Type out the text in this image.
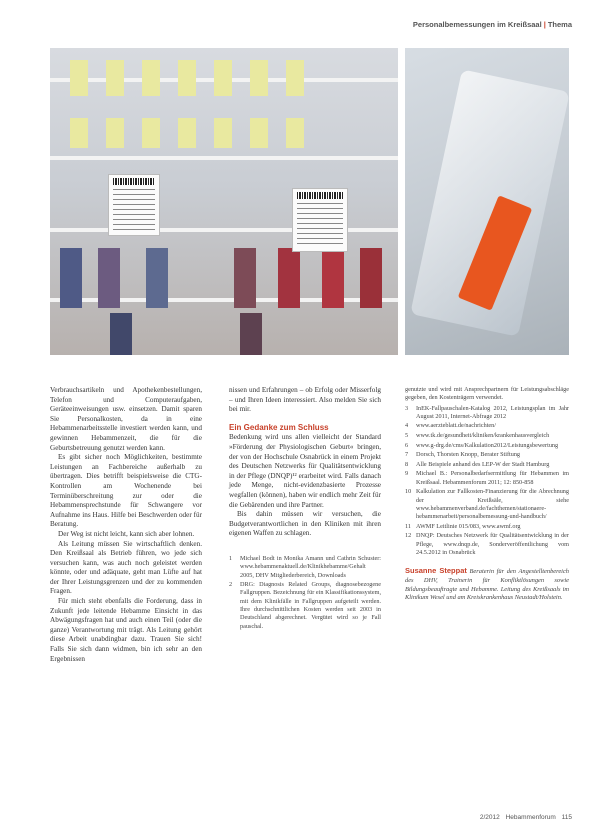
Personalbemessungen im Kreißsaal | Thema

Verbrauchsartikeln und Apothekenbestellungen, Telefon und Computeraufgaben, Geräteeinweisungen usw. einsetzen. Damit sparen Sie Personalkosten, da in eine Hebammenarbeitsstelle investiert werden kann, und gewinnen Hebammenzeit, die für die Geburtsbetreuung genutzt werden kann.

Es gibt sicher noch Möglichkeiten, bestimmte Leistungen an Fachbereiche außerhalb zu übertragen. Dies betrifft beispielsweise die CTG-Kontrollen am Wochenende bei Terminüberschreitung zur oder die Hebammensprechstunde für Schwangere vor Aufnahme ins Haus. Hilfe bei Beschwerden oder für Beratung.

Der Weg ist nicht leicht, kann sich aber lohnen.

Als Leitung müssen Sie wirtschaftlich denken. Den Kreißsaal als Betrieb führen, wo jede sich versuchen kann, was auch noch geleistet werden könnte, oder und adäquate, geht man Lüfte auf hat der Ihrer Leistungsgrenzen und der zu kommenden Fragen.

Für mich steht ebenfalls die Forderung, dass in Zukunft jede leitende Hebamme Einsicht in das Abwägungsfragen hat und auch einen Teil (oder die ganze) Verantwortung mit trägt. Als Leitung gehört diese Arbeit unabdingbar dazu. Trauen Sie sich! Falls Sie sich dann widmen, bin ich sehr an den Ergebnissen

nissen und Erfahrungen – ob Erfolg oder Misserfolg – und Ihren Ideen interessiert. Also melden Sie sich bei mir.

Ein Gedanke zum Schluss

Bedenkung wird uns allen vielleicht der Standard »Förderung der Physiologischen Geburt« bringen, der von der Hochschule Osnabrück in einem Projekt des Deutschen Netzwerks für Qualitätsentwicklung in der Pflege (DNQP)¹² erarbeitet wird. Falls danach jede Menge, nicht-evidenzbasierte Prozesse wegfallen (können), haben wir endlich mehr Zeit für die Gebärenden und ihre Partner.

Bis dahin müssen wir versuchen, die Budgetverantwortlichen in den Kliniken mit ihren eigenen Waffen zu schlagen.

1	Michael Bodt in Monika Amann und Cathrin Schuster: www.hebammenaktuell.de/Klinikhebamme/Gehalt 2005, DHV Mitgliederbereich, Downloads
2	DRG: Diagnosis Related Groups, diagnosebezogene Fallgruppen. Bezeichnung für ein Klassifikationssystem, mit dem Klinikfälle in Fallgruppen aufgeteilt werden. Ihre durchschnittlichen Kosten werden seit 2003 in Deutschland abgerechnet. Vergütet wird so je Fall pauschal.
genutzte und wird mit Ansprechpartnern für Leistungsabschläge gegeben, den Kostenträgern verwendet.
3	InEK-Fallpauschalen-Katalog 2012, Leistungsplan im Jahr August 2011, Internet-Abfrage 2012
4	www.aerzteblatt.de/nachrichten/
5	www.tk.de/gesundheit/kliniken/krankenhausvergleich
6	www.g-drg.de/cms/Kalkulation2012/Leistungsbewertung
7	Dorsch, Thorsten Knopp, Berater Stiftung
8	Alle Beispiele anhand des LEP-W der Stadt Hamburg
9	Michael B.: Personalbedarfsermittlung für Hebammen im Kreißsaal. Hebammenforum 2011; 12: 850-858
10 Kalkulation zur Fallkosten-Finanzierung für die Abrechnung der Kreißsäle, siehe www.hebammenverband.de/fachthemen/stationaere-hebammenarbeit/personalbemessung-und-handbuch/
11 AWMF Leitlinie 015/083, www.awmf.org
12 DNQP: Deutsches Netzwerk für Qualitätsentwicklung in der Pflege, www.dnqp.de, Sonderveröffentlichung vom 24.5.2012 in Osnabrück
Susanne Steppat Beraterin für den Angestelltenbereich des DHV, Trainerin für Konfliktlösungen sowie Bildungsbeauftragte und Hebamme. Leitung des Kreißsaals im Klinikum Wesel und am Kreiskrankenhaus Neustadt/Holstein.
2/2012 Hebammenforum 115
